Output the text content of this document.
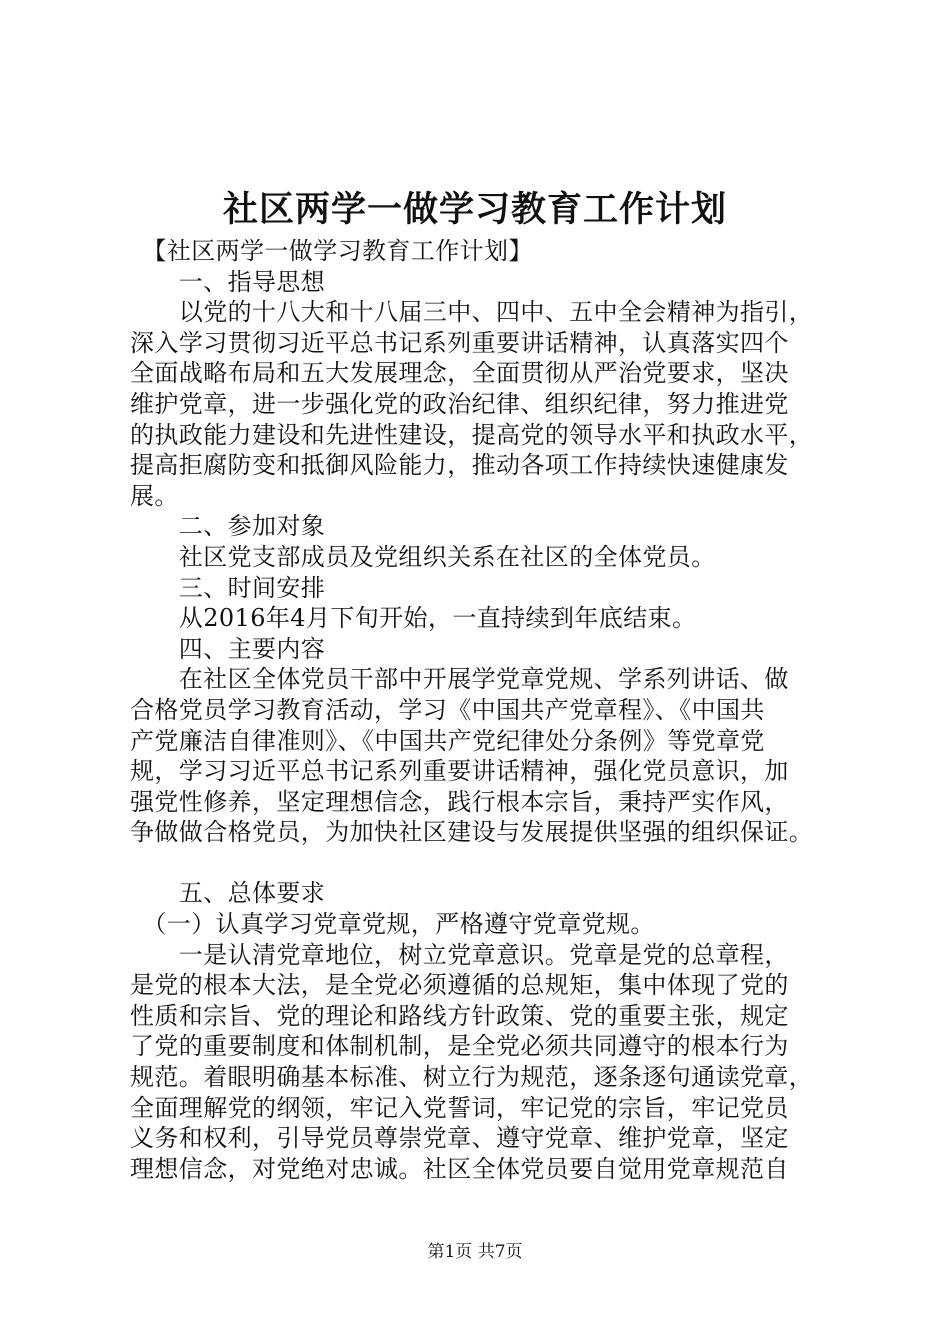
社区两学一做学习教育工作计划

　【社区两学一做学习教育工作计划】

　　一、指导思想

　　以党的十八大和十八届三中、四中、五中全会精神为指引，

深入学习贯彻习近平总书记系列重要讲话精神，认真落实四个

全面战略布局和五大发展理念，全面贯彻从严治党要求，坚决

维护党章，进一步强化党的政治纪律、组织纪律，努力推进党

的执政能力建设和先进性建设，提高党的领导水平和执政水平，

提高拒腐防变和抵御风险能力，推动各项工作持续快速健康发

展。

　　二、参加对象

　　社区党支部成员及党组织关系在社区的全体党员。

　　三、时间安排

　　从2016年4月下旬开始，一直持续到年底结束。

　　四、主要内容

　　在社区全体党员干部中开展学党章党规、学系列讲话、做

合格党员学习教育活动，学习《中国共产党章程》、《中国共

产党廉洁自律准则》、《中国共产党纪律处分条例》等党章党

规，学习习近平总书记系列重要讲话精神，强化党员意识，加

强党性修养，坚定理想信念，践行根本宗旨，秉持严实作风，

争做做合格党员，为加快社区建设与发展提供坚强的组织保证。

　　五、总体要求

　（一）认真学习党章党规，严格遵守党章党规。

　　一是认清党章地位，树立党章意识。党章是党的总章程，

是党的根本大法，是全党必须遵循的总规矩，集中体现了党的

性质和宗旨、党的理论和路线方针政策、党的重要主张，规定

了党的重要制度和体制机制，是全党必须共同遵守的根本行为

规范。着眼明确基本标准、树立行为规范，逐条逐句通读党章，

全面理解党的纲领，牢记入党誓词，牢记党的宗旨，牢记党员

义务和权利，引导党员尊崇党章、遵守党章、维护党章，坚定

理想信念，对党绝对忠诚。社区全体党员要自觉用党章规范自

第1页 共7页
